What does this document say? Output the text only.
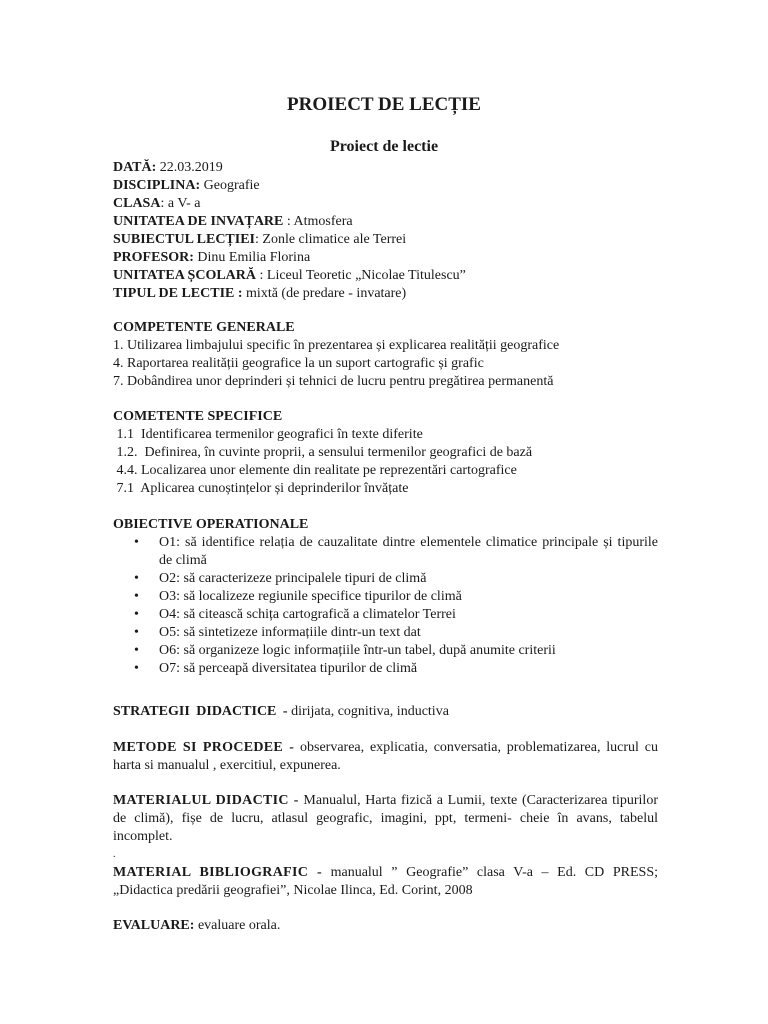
PROIECT DE LECȚIE
Proiect de lectie
DATĂ: 22.03.2019
DISCIPLINA: Geografie
CLASA: a V- a
UNITATEA DE INVAȚARE : Atmosfera
SUBIECTUL LECȚIEI: Zonle climatice ale Terrei
PROFESOR: Dinu Emilia Florina
UNITATEA ȘCOLARĂ : Liceul Teoretic „Nicolae Titulescu”
TIPUL DE LECTIE : mixtă (de predare - invatare)
COMPETENTE GENERALE
1. Utilizarea limbajului specific în prezentarea și explicarea realității geografice
4. Raportarea realității geografice la un suport cartografic și grafic
7. Dobândirea unor deprinderi și tehnici de lucru pentru pregătirea permanentă
COMETENTE SPECIFICE
1.1  Identificarea termenilor geografici în texte diferite
1.2.  Definirea, în cuvinte proprii, a sensului termenilor geografici de bază
4.4. Localizarea unor elemente din realitate pe reprezentări cartografice
7.1  Aplicarea cunoștințelor și deprinderilor învățate
OBIECTIVE OPERATIONALE
• O1: să identifice relația de cauzalitate dintre elementele climatice principale și tipurile de climă
• O2: să caracterizeze principalele tipuri de climă
• O3: să localizeze regiunile specifice tipurilor de climă
• O4: să citească schița cartografică a climatelor Terrei
• O5: să sintetizeze informațiile dintr-un text dat
• O6: să organizeze logic informațiile într-un tabel, după anumite criterii
• O7: să perceapă diversitatea tipurilor de climă
STRATEGII DIDACTICE - dirijata, cognitiva, inductiva
METODE SI PROCEDEE - observarea, explicatia, conversatia, problematizarea, lucrul cu harta si manualul , exercitiul, expunerea.
MATERIALUL DIDACTIC - Manualul, Harta fizică a Lumii, texte (Caracterizarea tipurilor de climă), fișe de lucru, atlasul geografic, imagini, ppt, termeni- cheie în avans, tabelul incomplet.
.
MATERIAL BIBLIOGRAFIC - manualul ” Geografie” clasa V-a – Ed. CD PRESS; „Didactica predării geografiei”, Nicolae Ilinca, Ed. Corint, 2008
EVALUARE: evaluare orala.
